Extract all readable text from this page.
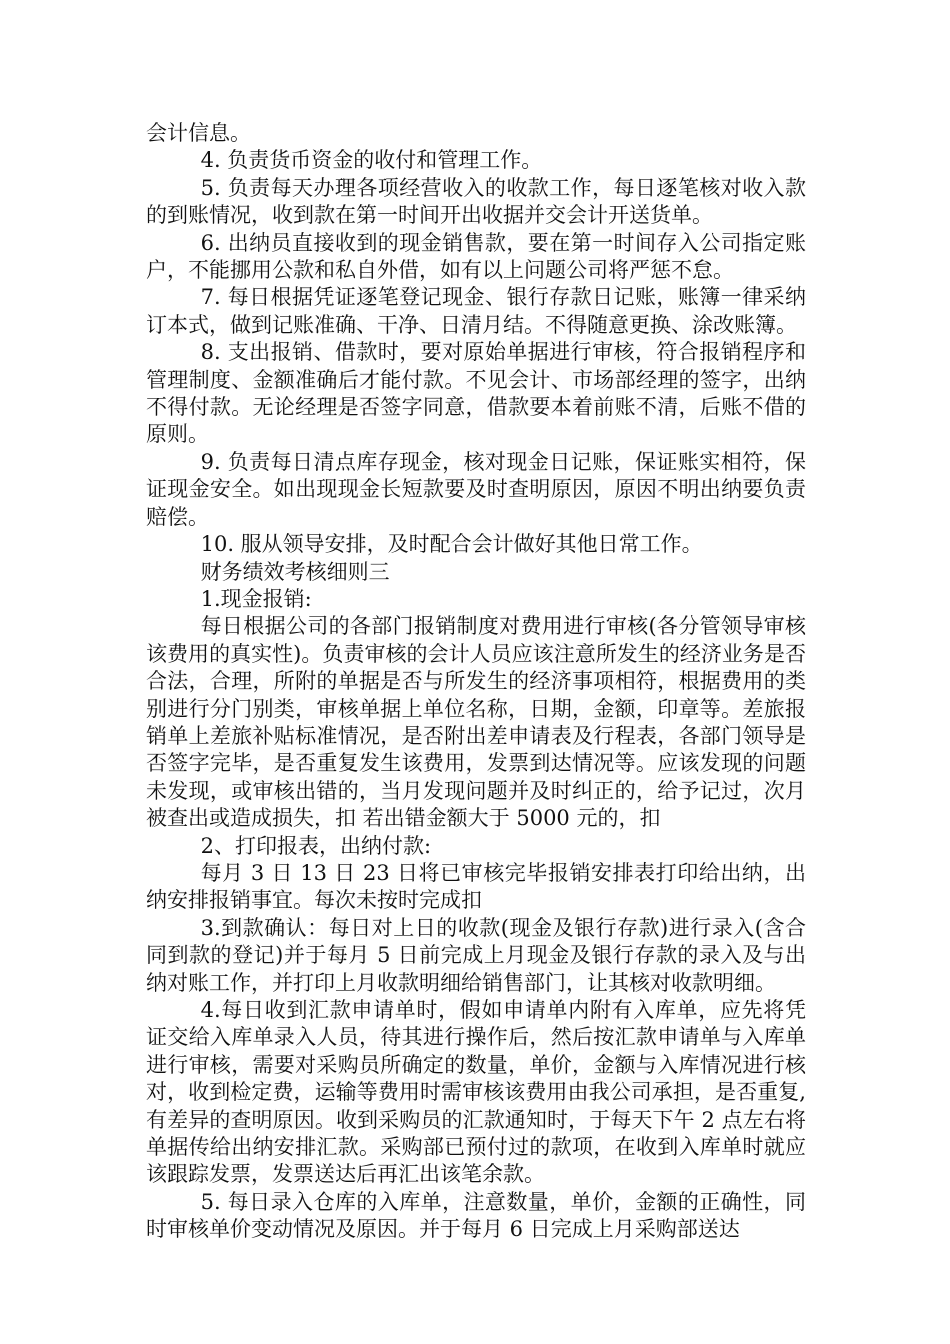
会计信息。

4. 负责货币资金的收付和管理工作。

5. 负责每天办理各项经营收入的收款工作，每日逐笔核对收入款的到账情况，收到款在第一时间开出收据并交会计开送货单。

6. 出纳员直接收到的现金销售款，要在第一时间存入公司指定账户，不能挪用公款和私自外借，如有以上问题公司将严惩不怠。

7. 每日根据凭证逐笔登记现金、银行存款日记账，账簿一律采纳订本式，做到记账准确、干净、日清月结。不得随意更换、涂改账簿。

8. 支出报销、借款时，要对原始单据进行审核，符合报销程序和管理制度、金额准确后才能付款。不见会计、市场部经理的签字，出纳不得付款。无论经理是否签字同意，借款要本着前账不清，后账不借的原则。

9. 负责每日清点库存现金，核对现金日记账，保证账实相符，保证现金安全。如出现现金长短款要及时查明原因，原因不明出纳要负责赔偿。

10. 服从领导安排，及时配合会计做好其他日常工作。

财务绩效考核细则三

1.现金报销:

每日根据公司的各部门报销制度对费用进行审核(各分管领导审核该费用的真实性)。负责审核的会计人员应该注意所发生的经济业务是否合法，合理，所附的单据是否与所发生的经济事项相符，根据费用的类别进行分门别类，审核单据上单位名称，日期，金额，印章等。差旅报销单上差旅补贴标准情况，是否附出差申请表及行程表，各部门领导是否签字完毕，是否重复发生该费用，发票到达情况等。应该发现的问题未发现，或审核出错的，当月发现问题并及时纠正的，给予记过，次月被查出或造成损失，扣 若出错金额大于 5000 元的，扣

2、打印报表，出纳付款:

每月 3 日 13 日 23 日将已审核完毕报销安排表打印给出纳，出纳安排报销事宜。每次未按时完成扣

3.到款确认：每日对上日的收款(现金及银行存款)进行录入(含合同到款的登记)并于每月 5 日前完成上月现金及银行存款的录入及与出纳对账工作，并打印上月收款明细给销售部门，让其核对收款明细。

4.每日收到汇款申请单时，假如申请单内附有入库单，应先将凭证交给入库单录入人员，待其进行操作后，然后按汇款申请单与入库单进行审核，需要对采购员所确定的数量，单价，金额与入库情况进行核对，收到检定费，运输等费用时需审核该费用由我公司承担，是否重复,有差异的查明原因。收到采购员的汇款通知时，于每天下午 2 点左右将单据传给出纳安排汇款。采购部已预付过的款项，在收到入库单时就应该跟踪发票，发票送达后再汇出该笔余款。

5. 每日录入仓库的入库单，注意数量，单价，金额的正确性，同时审核单价变动情况及原因。并于每月 6 日完成上月采购部送达
